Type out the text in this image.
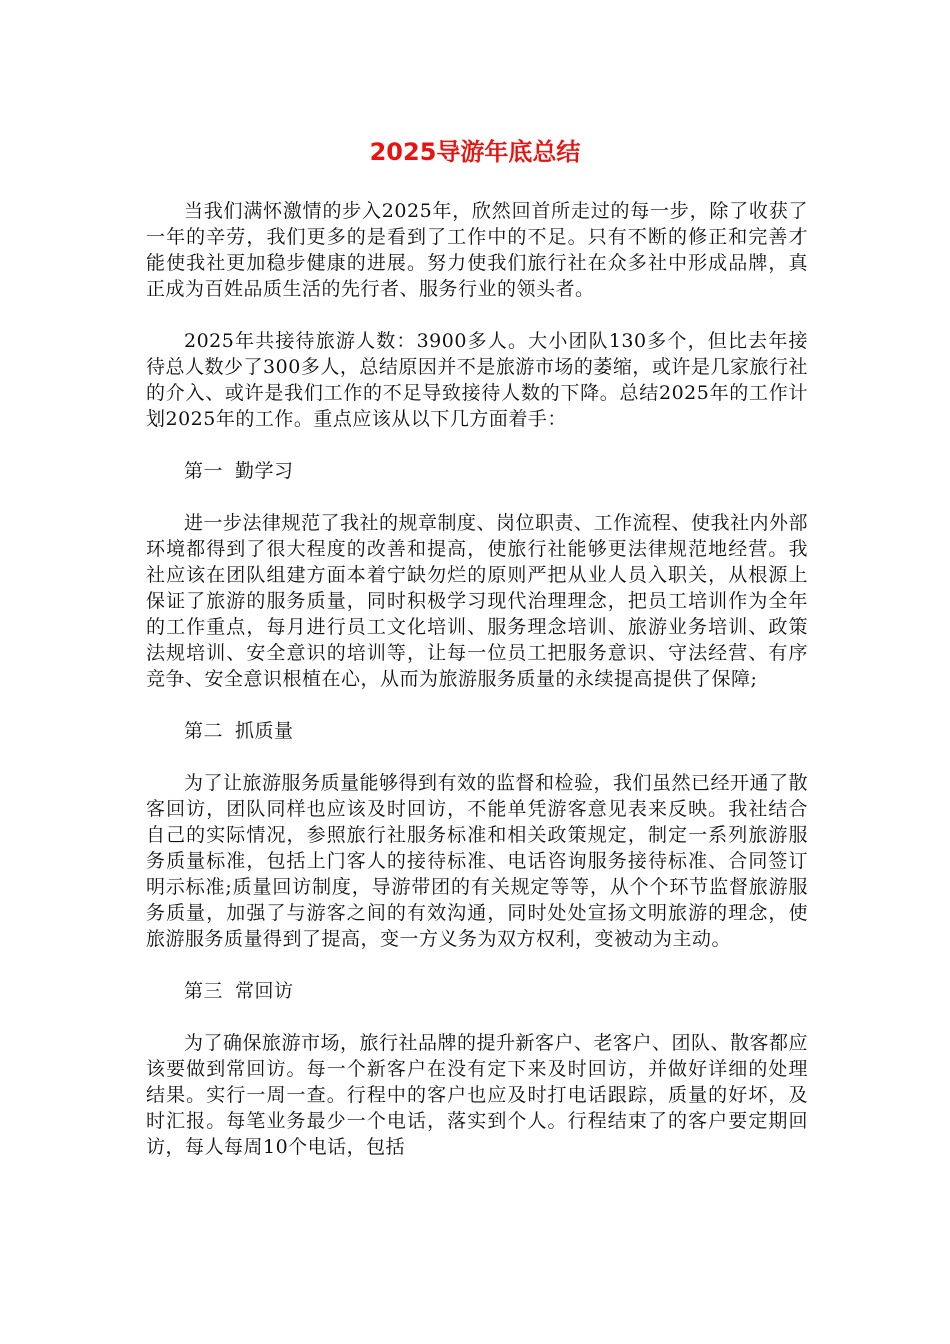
2025导游年底总结

当我们满怀激情的步入2025年，欣然回首所走过的每一步，除了收获了一年的辛劳，我们更多的是看到了工作中的不足。只有不断的修正和完善才能使我社更加稳步健康的进展。努力使我们旅行社在众多社中形成品牌，真正成为百姓品质生活的先行者、服务行业的领头者。

2025年共接待旅游人数：3900多人。大小团队130多个，但比去年接待总人数少了300多人，总结原因并不是旅游市场的萎缩，或许是几家旅行社的介入、或许是我们工作的不足导致接待人数的下降。总结2025年的工作计划2025年的工作。重点应该从以下几方面着手：

第一 勤学习

进一步法律规范了我社的规章制度、岗位职责、工作流程、使我社内外部环境都得到了很大程度的改善和提高，使旅行社能够更法律规范地经营。我社应该在团队组建方面本着宁缺勿烂的原则严把从业人员入职关，从根源上保证了旅游的服务质量，同时积极学习现代治理理念，把员工培训作为全年的工作重点，每月进行员工文化培训、服务理念培训、旅游业务培训、政策法规培训、安全意识的培训等，让每一位员工把服务意识、守法经营、有序竞争、安全意识根植在心，从而为旅游服务质量的永续提高提供了保障;

第二 抓质量

为了让旅游服务质量能够得到有效的监督和检验，我们虽然已经开通了散客回访，团队同样也应该及时回访，不能单凭游客意见表来反映。我社结合自己的实际情况，参照旅行社服务标准和相关政策规定，制定一系列旅游服务质量标准，包括上门客人的接待标准、电话咨询服务接待标准、合同签订明示标准;质量回访制度，导游带团的有关规定等等，从个个环节监督旅游服务质量，加强了与游客之间的有效沟通，同时处处宣扬文明旅游的理念，使旅游服务质量得到了提高，变一方义务为双方权利，变被动为主动。

第三 常回访

为了确保旅游市场，旅行社品牌的提升新客户、老客户、团队、散客都应该要做到常回访。每一个新客户在没有定下来及时回访，并做好详细的处理结果。实行一周一查。行程中的客户也应及时打电话跟踪，质量的好坏，及时汇报。每笔业务最少一个电话，落实到个人。行程结束了的客户要定期回访，每人每周10个电话，包括
